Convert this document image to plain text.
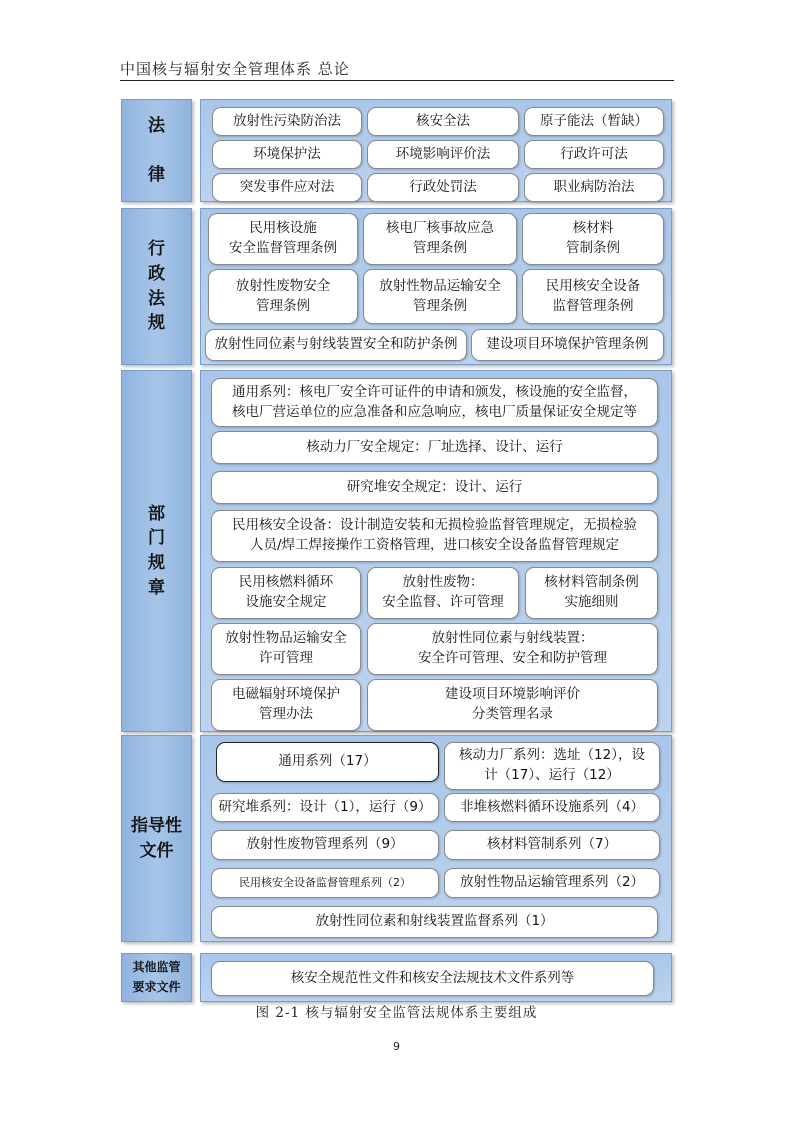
中国核与辐射安全管理体系 总论
法

律
放射性污染防治法	核安全法	原子能法（暂缺）
环境保护法	环境影响评价法	行政许可法
突发事件应对法	行政处罚法	职业病防治法
行
政
法
规
民用核设施
安全监督管理条例
核电厂核事故应急
管理条例
核材料
管制条例
放射性废物安全
管理条例
放射性物品运输安全
管理条例
民用核安全设备
监督管理条例
放射性同位素与射线装置安全和防护条例	建设项目环境保护管理条例
部
门
规
章
通用系列：核电厂安全许可证件的申请和颁发，核设施的安全监督，
核电厂营运单位的应急准备和应急响应，核电厂质量保证安全规定等
核动力厂安全规定：厂址选择、设计、运行
研究堆安全规定：设计、运行
民用核安全设备：设计制造安装和无损检验监督管理规定，无损检验
人员/焊工焊接操作工资格管理，进口核安全设备监督管理规定
民用核燃料循环
设施安全规定
放射性废物：
安全监督、许可管理
核材料管制条例
实施细则
放射性物品运输安全
许可管理
放射性同位素与射线装置：
安全许可管理、安全和防护管理
电磁辐射环境保护
管理办法
建设项目环境影响评价
分类管理名录
指导性
文件
通用系列（17）	核动力厂系列：选址（12），设
计（17）、运行（12）
研究堆系列：设计（1），运行（9）	非堆核燃料循环设施系列（4）
放射性废物管理系列（9）	核材料管制系列（7）
民用核安全设备监督管理系列（2）	放射性物品运输管理系列（2）
放射性同位素和射线装置监督系列（1）
其他监管
要求文件
核安全规范性文件和核安全法规技术文件系列等
图 2-1 核与辐射安全监管法规体系主要组成
9
